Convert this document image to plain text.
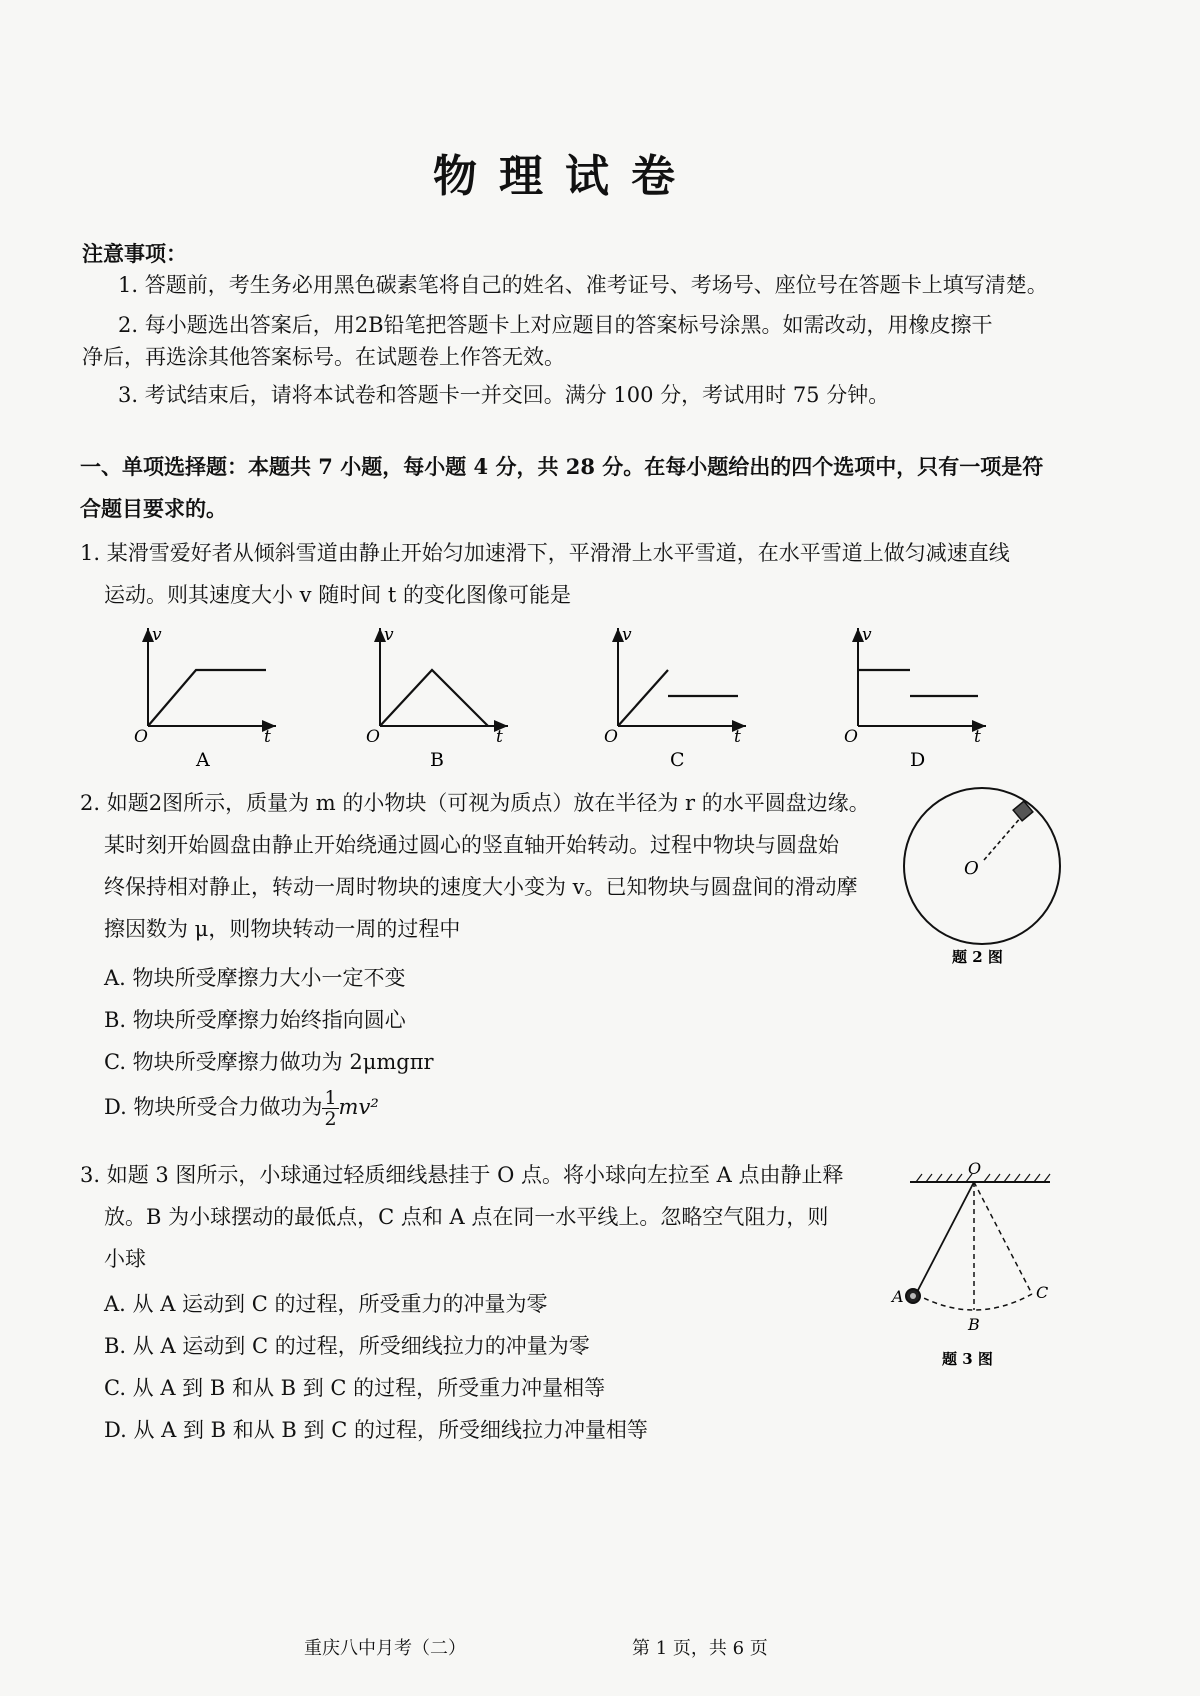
物理试卷
注意事项：
1. 答题前，考生务必用黑色碳素笔将自己的姓名、准考证号、考场号、座位号在答题卡上填写清楚。
2. 每小题选出答案后，用2B铅笔把答题卡上对应题目的答案标号涂黑。如需改动，用橡皮擦干
净后，再选涂其他答案标号。在试题卷上作答无效。
3. 考试结束后，请将本试卷和答题卡一并交回。满分 100 分，考试用时 75 分钟。
一、单项选择题：本题共 7 小题，每小题 4 分，共 28 分。在每小题给出的四个选项中，只有一项是符
合题目要求的。
1. 某滑雪爱好者从倾斜雪道由静止开始匀加速滑下，平滑滑上水平雪道，在水平雪道上做匀减速直线
运动。则其速度大小 v 随时间 t 的变化图像可能是
v
O	t
A
v
O	t
B
v
O	t
C
v
O	t
D
2. 如题2图所示，质量为 m 的小物块（可视为质点）放在半径为 r 的水平圆盘边缘。
某时刻开始圆盘由静止开始绕通过圆心的竖直轴开始转动。过程中物块与圆盘始
终保持相对静止，转动一周时物块的速度大小变为 v。已知物块与圆盘间的滑动摩
擦因数为 μ，则物块转动一周的过程中
A. 物块所受摩擦力大小一定不变
B. 物块所受摩擦力始终指向圆心
C. 物块所受摩擦力做功为 2μmgπr
D. 物块所受合力做功为 $\frac{1}{2} mv^2$
O
题 2 图
3. 如题 3 图所示，小球通过轻质细线悬挂于 O 点。将小球向左拉至 A 点由静止释
放。B 为小球摆动的最低点，C 点和 A 点在同一水平线上。忽略空气阻力，则
小球
A. 从 A 运动到 C 的过程，所受重力的冲量为零
B. 从 A 运动到 C 的过程，所受细线拉力的冲量为零
C. 从 A 到 B 和从 B 到 C 的过程，所受重力冲量相等
D. 从 A 到 B 和从 B 到 C 的过程，所受细线拉力冲量相等
O
A
B
C
题 3 图
重庆八中月考（二）	第 1 页，共 6 页
